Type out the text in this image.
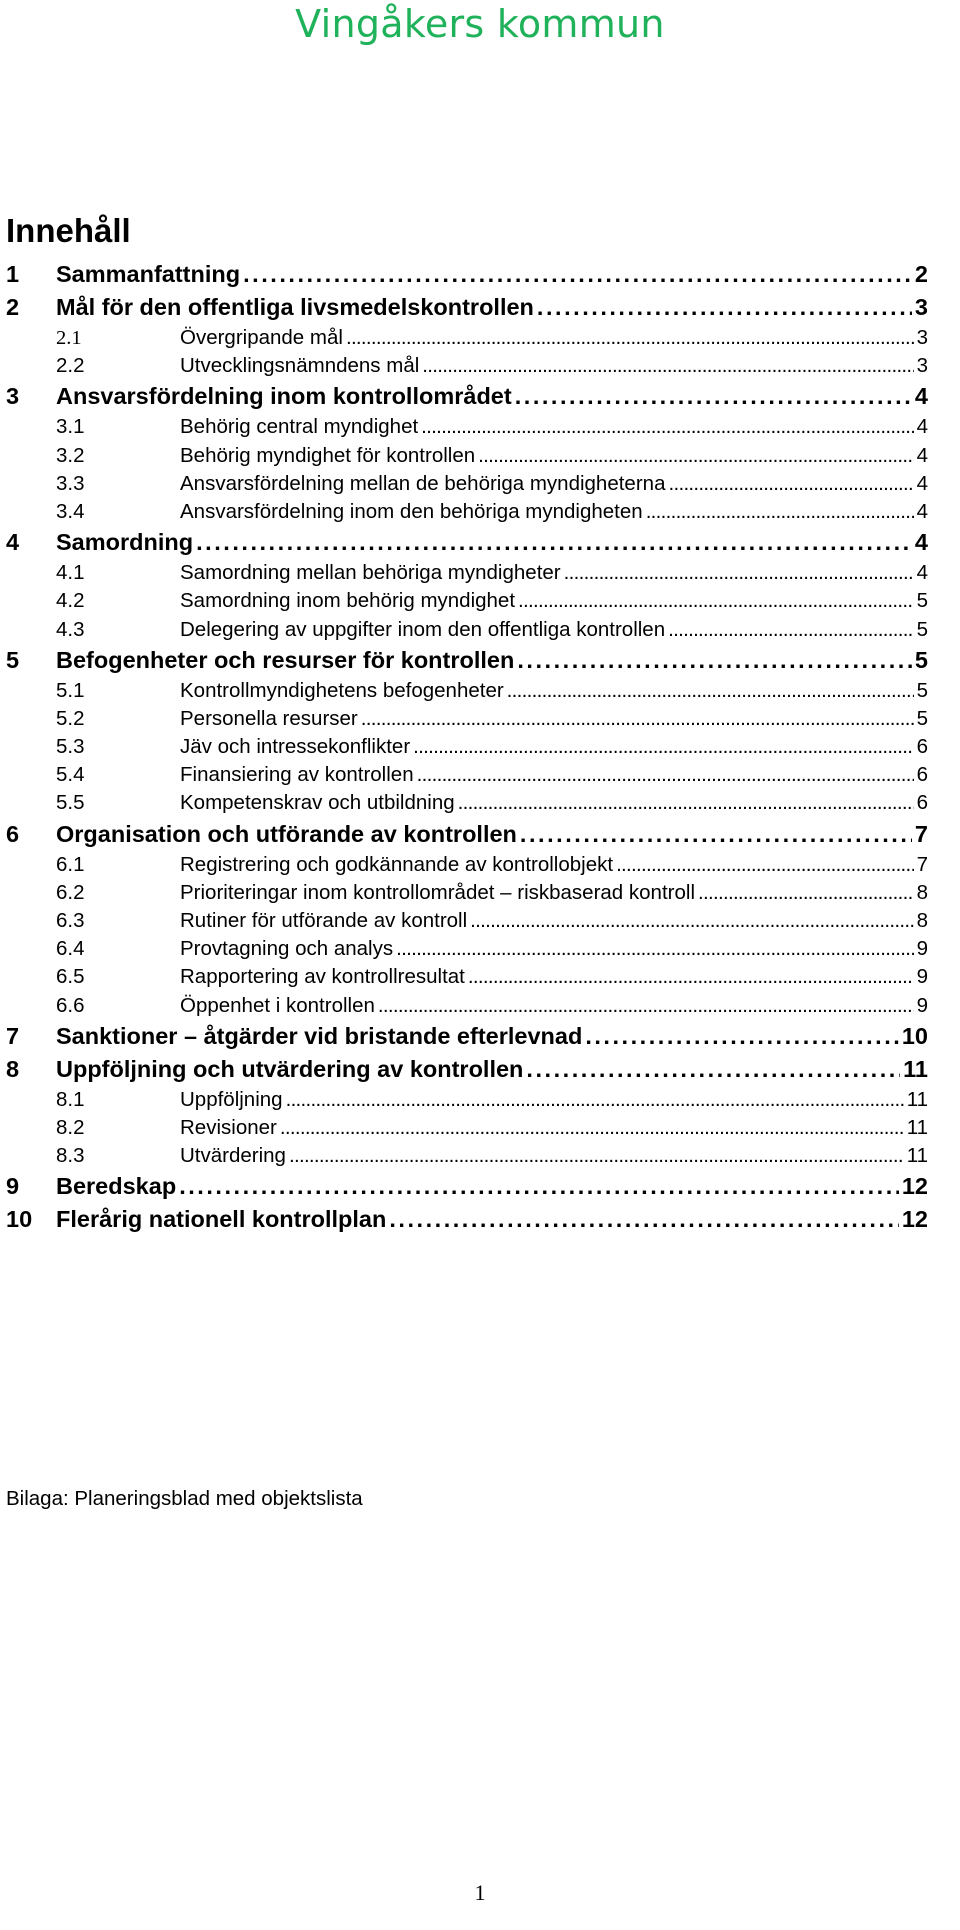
Vingåkers kommun
Innehåll
1	Sammanfattning . . .	2
2	Mål för den offentliga livsmedelskontrollen . . .	3
2.1	Övergripande mål . . .	3
2.2	Utvecklingsnämndens mål . . .	3
3	Ansvarsfördelning inom kontrollområdet . . .	4
3.1	Behörig central myndighet . . .	4
3.2	Behörig myndighet för kontrollen . . .	4
3.3	Ansvarsfördelning mellan de behöriga myndigheterna . . .	4
3.4	Ansvarsfördelning inom den behöriga myndigheten . . .	4
4	Samordning . . .	4
4.1	Samordning mellan behöriga myndigheter . . .	4
4.2	Samordning inom behörig myndighet . . .	5
4.3	Delegering av uppgifter inom den offentliga kontrollen . . .	5
5	Befogenheter och resurser för kontrollen . . .	5
5.1	Kontrollmyndighetens befogenheter . . .	5
5.2	Personella resurser . . .	5
5.3	Jäv och intressekonflikter . . .	6
5.4	Finansiering av kontrollen . . .	6
5.5	Kompetenskrav och utbildning . . .	6
6	Organisation och utförande av kontrollen . . .	7
6.1	Registrering och godkännande av kontrollobjekt . . .	7
6.2	Prioriteringar inom kontrollområdet – riskbaserad kontroll . . .	8
6.3	Rutiner för utförande av kontroll . . .	8
6.4	Provtagning och analys . . .	9
6.5	Rapportering av kontrollresultat . . .	9
6.6	Öppenhet i kontrollen . . .	9
7	Sanktioner – åtgärder vid bristande efterlevnad . . .	10
8	Uppföljning och utvärdering av kontrollen . . .	11
8.1	Uppföljning . . .	11
8.2	Revisioner . . .	11
8.3	Utvärdering . . .	11
9	Beredskap . . .	12
10	Flerårig nationell kontrollplan . . .	12

Bilaga: Planeringsblad med objektslista

1
